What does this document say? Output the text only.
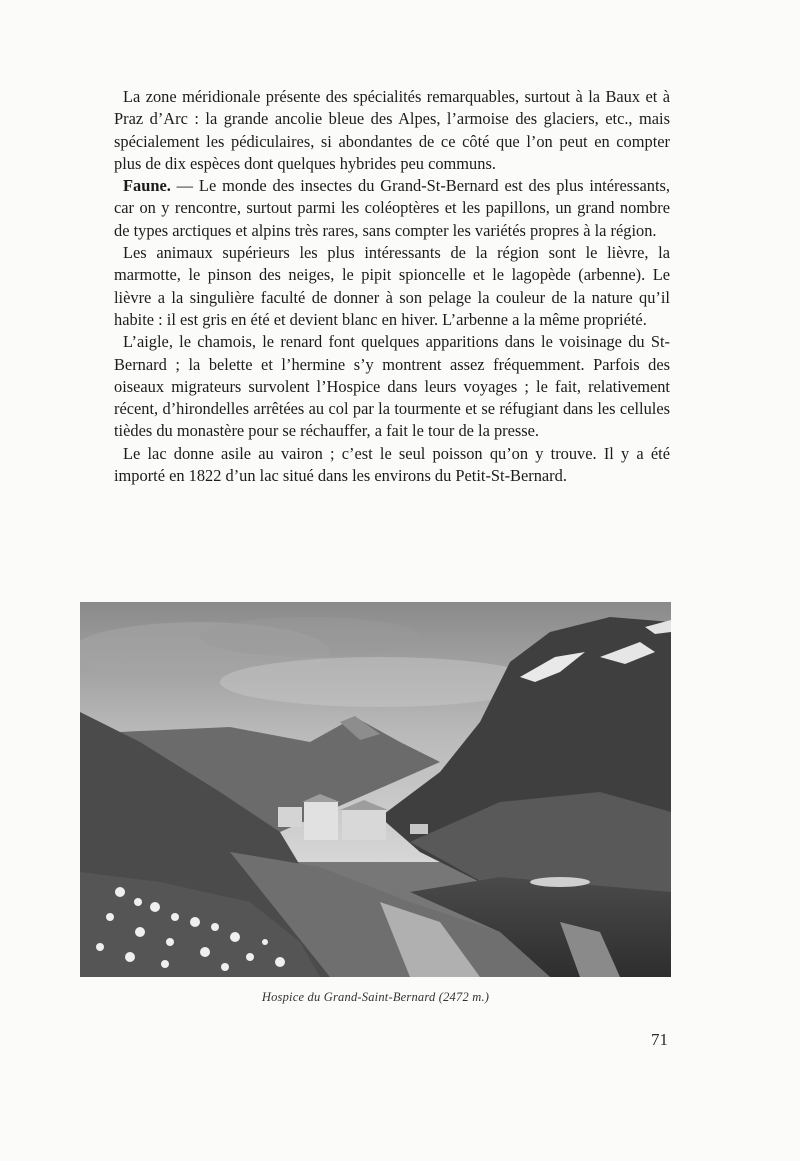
La zone méridionale présente des spécialités remarquables, surtout à la Baux et à Praz d’Arc : la grande ancolie bleue des Alpes, l’armoise des glaciers, etc., mais spécialement les pédiculaires, si abondantes de ce côté que l’on peut en compter plus de dix espèces dont quelques hybrides peu communs.

Faune. — Le monde des insectes du Grand-St-Bernard est des plus intéressants, car on y rencontre, surtout parmi les coléoptères et les papillons, un grand nombre de types arctiques et alpins très rares, sans compter les variétés propres à la région.

Les animaux supérieurs les plus intéressants de la région sont le lièvre, la marmotte, le pinson des neiges, le pipit spioncelle et le lagopède (arbenne). Le lièvre a la singulière faculté de donner à son pelage la couleur de la nature qu’il habite : il est gris en été et devient blanc en hiver. L’arbenne a la même propriété.

L’aigle, le chamois, le renard font quelques apparitions dans le voisinage du St-Bernard ; la belette et l’hermine s’y montrent assez fréquemment. Parfois des oiseaux migrateurs survolent l’Hospice dans leurs voyages ; le fait, relativement récent, d’hirondelles arrêtées au col par la tourmente et se réfugiant dans les cellules tièdes du monastère pour se réchauffer, a fait le tour de la presse.

Le lac donne asile au vairon ; c’est le seul poisson qu’on y trouve. Il y a été importé en 1822 d’un lac situé dans les environs du Petit-St-Bernard.

Hospice du Grand-Saint-Bernard (2472 m.)
71
